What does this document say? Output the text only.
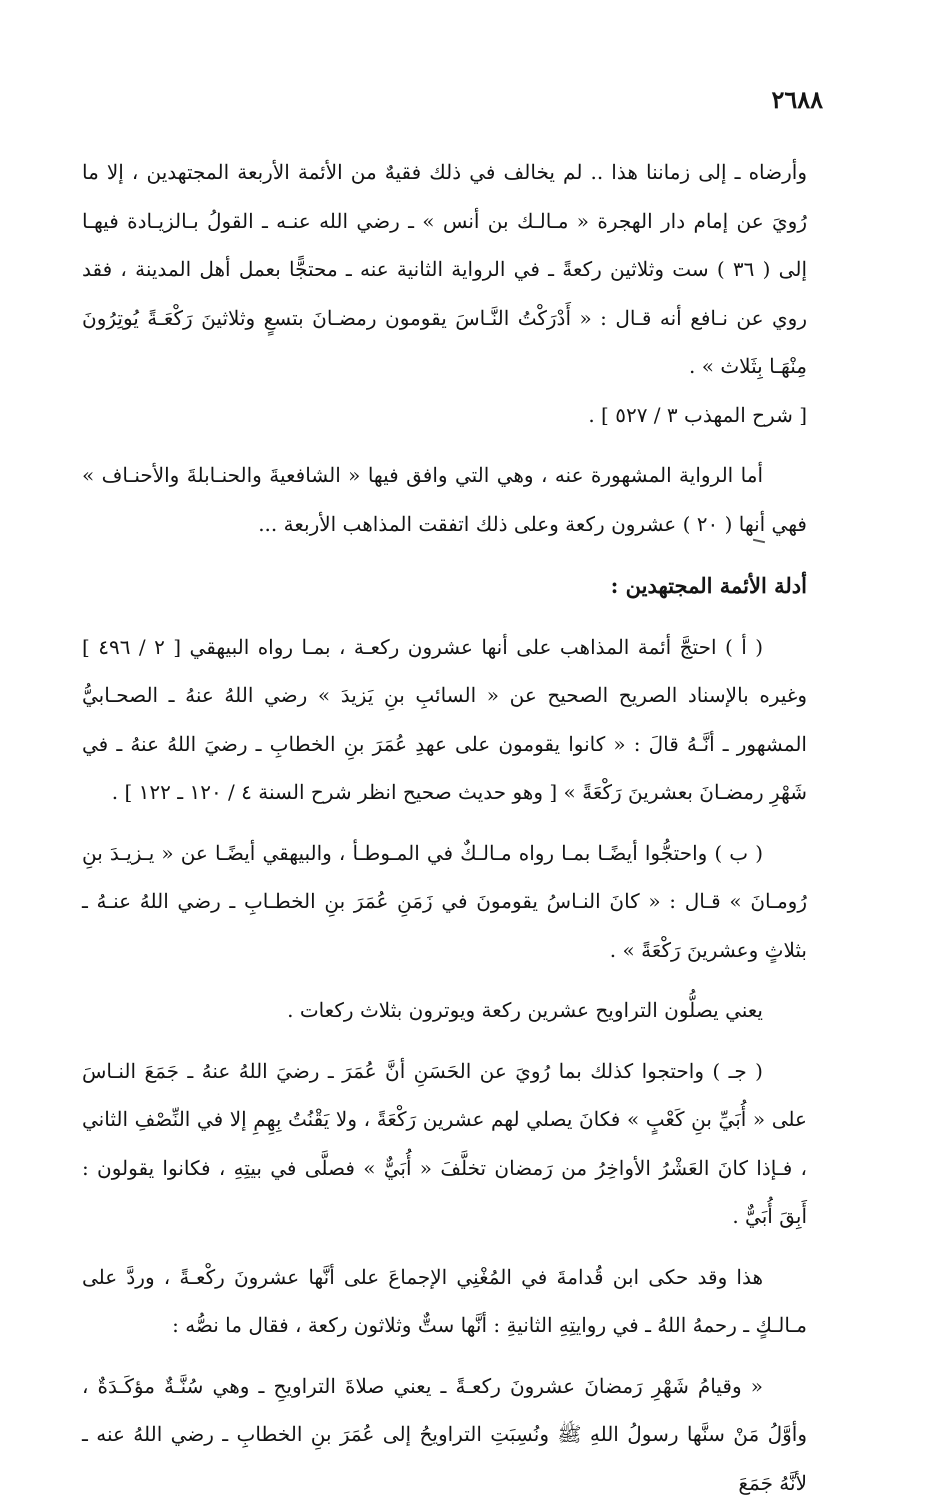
٢٦٨٨

وأرضاه ـ إلى زماننا هذا .. لم يخالف في ذلك فقيهٌ من الأئمة الأربعة المجتهدين ، إلا ما رُويَ عن إمام دار الهجرة « مـالـك بن أنس » ـ رضي الله عنـه ـ القولُ بـالزيـادة فيهـا إلى ( ٣٦ ) ست وثلاثين ركعةً ـ في الرواية الثانية عنه ـ محتجًّا بعمل أهل المدينة ، فقد روي عن نـافع أنه قـال : « أَدْرَكْتُ النَّـاسَ يقومون رمضـانَ بتسعٍ وثلاثينَ رَكْعَـةً يُوتِرُونَ مِنْهَـا بِثَلاث » .

[ شرح المهذب ٣ / ٥٢٧ ] .

أما الرواية المشهورة عنه ، وهي التي وافق فيها « الشافعيةَ والحنـابلةَ والأحنـاف » فهي أنها ( ٢٠ ) عشرون ركعة وعلى ذلك اتفقت المذاهب الأربعة ...

أدلة الأئمة المجتهدين :

( أ ) احتجَّ أئمة المذاهب على أنها عشرون ركعـة ، بمـا رواه البيهقي [ ٢ / ٤٩٦ ] وغيره بالإسناد الصريح الصحيح عن « السائبِ بنِ يَزيدَ » رضي اللهُ عنهُ ـ الصحـابيُّ المشهور ـ أنَّـهُ قالَ : « كانوا يقومون على عهدِ عُمَرَ بنِ الخطابِ ـ رضيَ اللهُ عنهُ ـ في شَهْرِ رمضـانَ بعشرينَ رَكْعَةً » [ وهو حديث صحيح انظر شرح السنة ٤ / ١٢٠ ـ ١٢٢ ] .

( ب ) واحتجُّوا أيضًـا بمـا رواه مـالـكٌ في المـوطـأ ، والبيهقي أيضًـا عن « يـزيـدَ بنِ رُومـانَ » قـال : « كانَ النـاسُ يقومونَ في زَمَنِ عُمَرَ بنِ الخطـابِ ـ رضي اللهُ عنـهُ ـ بثلاثٍ وعشرينَ رَكْعَةً » .

يعني يصلُّون التراويح عشرين ركعة ويوترون بثلاث ركعات .

( جـ ) واحتجوا كذلك بما رُويَ عن الحَسَنِ أنَّ عُمَرَ ـ رضيَ اللهُ عنهُ ـ جَمَعَ النـاسَ على « أُبَيِّ بنِ كَعْبٍ » فكانَ يصلي لهم عشرين رَكْعَةً ، ولا يَقْنُتُ بِهِمِ إلا في النِّصْفِ الثاني ، فـإذا كانَ العَشْرُ الأواخِرُ من رَمضان تخلَّفَ « أُبَيٌّ » فصلَّى في بيتِهِ ، فكانوا يقولون : أَبِقَ أُبَيٌّ .

هذا وقد حكى ابن قُدامةَ في المُغْنِي الإجماعَ على أنَّها عشرونَ ركْعـةً ، وردَّ على مـالـكٍ ـ رحمهُ اللهُ ـ في روايتِهِ الثانيةِ : أنَّها ستٌّ وثلاثون ركعة ، فقال ما نصُّه :

« وقيامُ شَهْرِ رَمضانَ عشرونَ ركعـةً ـ يعني صلاةَ التراويحِ ـ وهي سُنَّـةٌ مؤكَـدَةٌ ، وأوَّلُ مَنْ سنَّها رسولُ اللهِ ﷺ ونُسِبَتِ التراويحُ إلى عُمَرَ بنِ الخطابِ ـ رضي اللهُ عنه ـ لأنَّهُ جَمَعَ
